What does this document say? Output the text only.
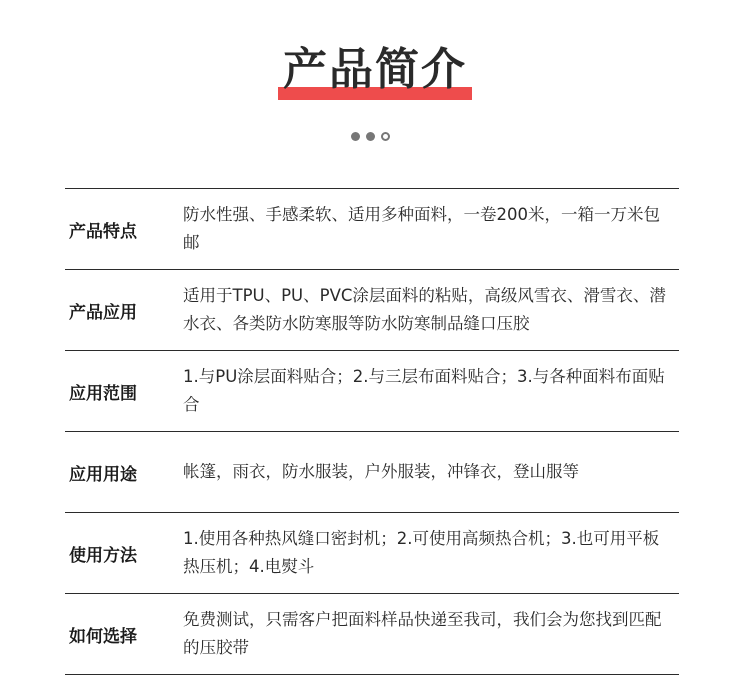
产品简介
产品特点
防水性强、手感柔软、适用多种面料，一卷200米，一箱一万米包邮
产品应用
适用于TPU、PU、PVC涂层面料的粘贴，高级风雪衣、滑雪衣、潜水衣、各类防水防寒服等防水防寒制品缝口压胶
应用范围
1.与PU涂层面料贴合；2.与三层布面料贴合；3.与各种面料布面贴合
应用用途	帐篷，雨衣，防水服装，户外服装，冲锋衣，登山服等
使用方法
1.使用各种热风缝口密封机；2.可使用高频热合机；3.也可用平板热压机；4.电熨斗
如何选择
免费测试，只需客户把面料样品快递至我司，我们会为您找到匹配的压胶带
